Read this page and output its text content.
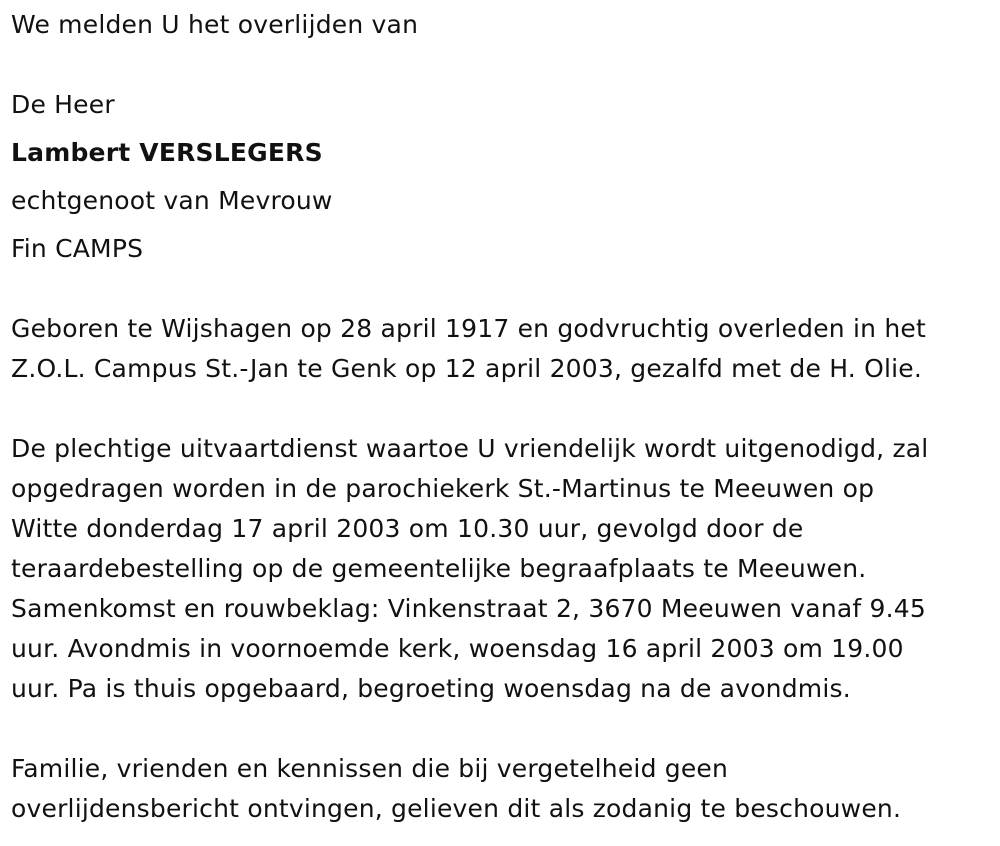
We melden U het overlijden van
De Heer
Lambert VERSLEGERS
echtgenoot van Mevrouw
Fin CAMPS
Geboren te Wijshagen op 28 april 1917 en godvruchtig overleden in het
Z.O.L. Campus St.-Jan te Genk op 12 april 2003, gezalfd met de H. Olie.
De plechtige uitvaartdienst waartoe U vriendelijk wordt uitgenodigd, zal
opgedragen worden in de parochiekerk St.-Martinus te Meeuwen op
Witte donderdag 17 april 2003 om 10.30 uur, gevolgd door de
teraardebestelling op de gemeentelijke begraafplaats te Meeuwen.
Samenkomst en rouwbeklag: Vinkenstraat 2, 3670 Meeuwen vanaf 9.45
uur. Avondmis in voornoemde kerk, woensdag 16 april 2003 om 19.00
uur. Pa is thuis opgebaard, begroeting woensdag na de avondmis.
Familie, vrienden en kennissen die bij vergetelheid geen
overlijdensbericht ontvingen, gelieven dit als zodanig te beschouwen.
